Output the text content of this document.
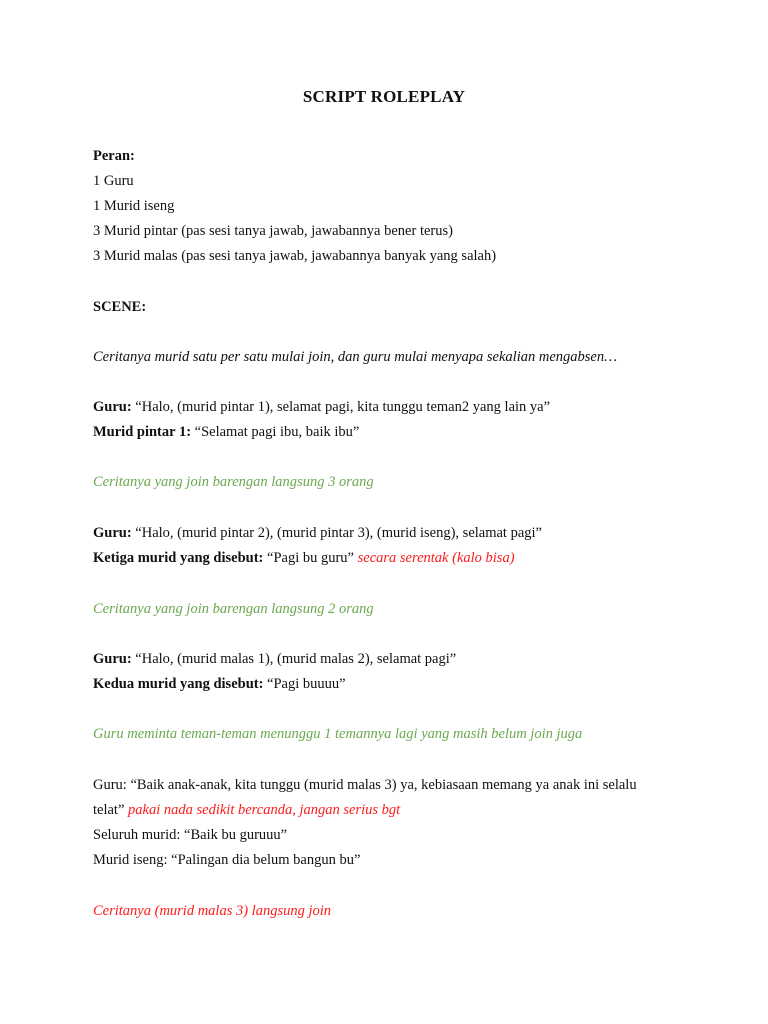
SCRIPT ROLEPLAY
Peran:
1 Guru
1 Murid iseng
3 Murid pintar (pas sesi tanya jawab, jawabannya bener terus)
3 Murid malas (pas sesi tanya jawab, jawabannya banyak yang salah)
SCENE:
Ceritanya murid satu per satu mulai join, dan guru mulai menyapa sekalian mengabsen…
Guru: “Halo, (murid pintar 1), selamat pagi, kita tunggu teman2 yang lain ya”
Murid pintar 1: “Selamat pagi ibu, baik ibu”
Ceritanya yang join barengan langsung 3 orang
Guru: “Halo, (murid pintar 2), (murid pintar 3), (murid iseng), selamat pagi”
Ketiga murid yang disebut: “Pagi bu guru” secara serentak (kalo bisa)
Ceritanya yang join barengan langsung 2 orang
Guru: “Halo, (murid malas 1), (murid malas 2), selamat pagi”
Kedua murid yang disebut: “Pagi buuuu”
Guru meminta teman-teman menunggu 1 temannya lagi yang masih belum join juga
Guru: “Baik anak-anak, kita tunggu (murid malas 3) ya, kebiasaan memang ya anak ini selalu
telat” pakai nada sedikit bercanda, jangan serius bgt
Seluruh murid: “Baik bu guruuu”
Murid iseng: “Palingan dia belum bangun bu”
Ceritanya (murid malas 3) langsung join
